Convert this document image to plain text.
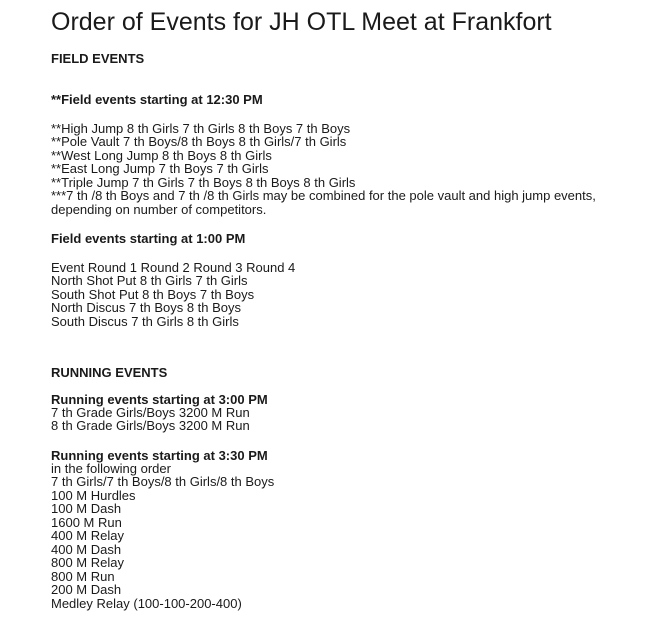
Order of Events for JH OTL Meet at Frankfort
FIELD EVENTS
**Field events starting at 12:30 PM
**High Jump 8 th Girls 7 th Girls 8 th Boys 7 th Boys
**Pole Vault 7 th Boys/8 th Boys 8 th Girls/7 th Girls
**West Long Jump 8 th Boys 8 th Girls
**East Long Jump 7 th Boys 7 th Girls
**Triple Jump 7 th Girls 7 th Boys 8 th Boys 8 th Girls
***7 th /8 th Boys and 7 th /8 th Girls may be combined for the pole vault and high jump events, depending on number of competitors.
Field events starting at 1:00 PM
Event Round 1 Round 2 Round 3 Round 4
North Shot Put 8 th Girls 7 th Girls
South Shot Put 8 th Boys 7 th Boys
North Discus 7 th Boys 8 th Boys
South Discus 7 th Girls 8 th Girls
RUNNING EVENTS
Running events starting at 3:00 PM
7 th Grade Girls/Boys 3200 M Run
8 th Grade Girls/Boys 3200 M Run
Running events starting at 3:30 PM
in the following order
7 th Girls/7 th Boys/8 th Girls/8 th Boys
100 M Hurdles
100 M Dash
1600 M Run
400 M Relay
400 M Dash
800 M Relay
800 M Run
200 M Dash
Medley Relay (100-100-200-400)
